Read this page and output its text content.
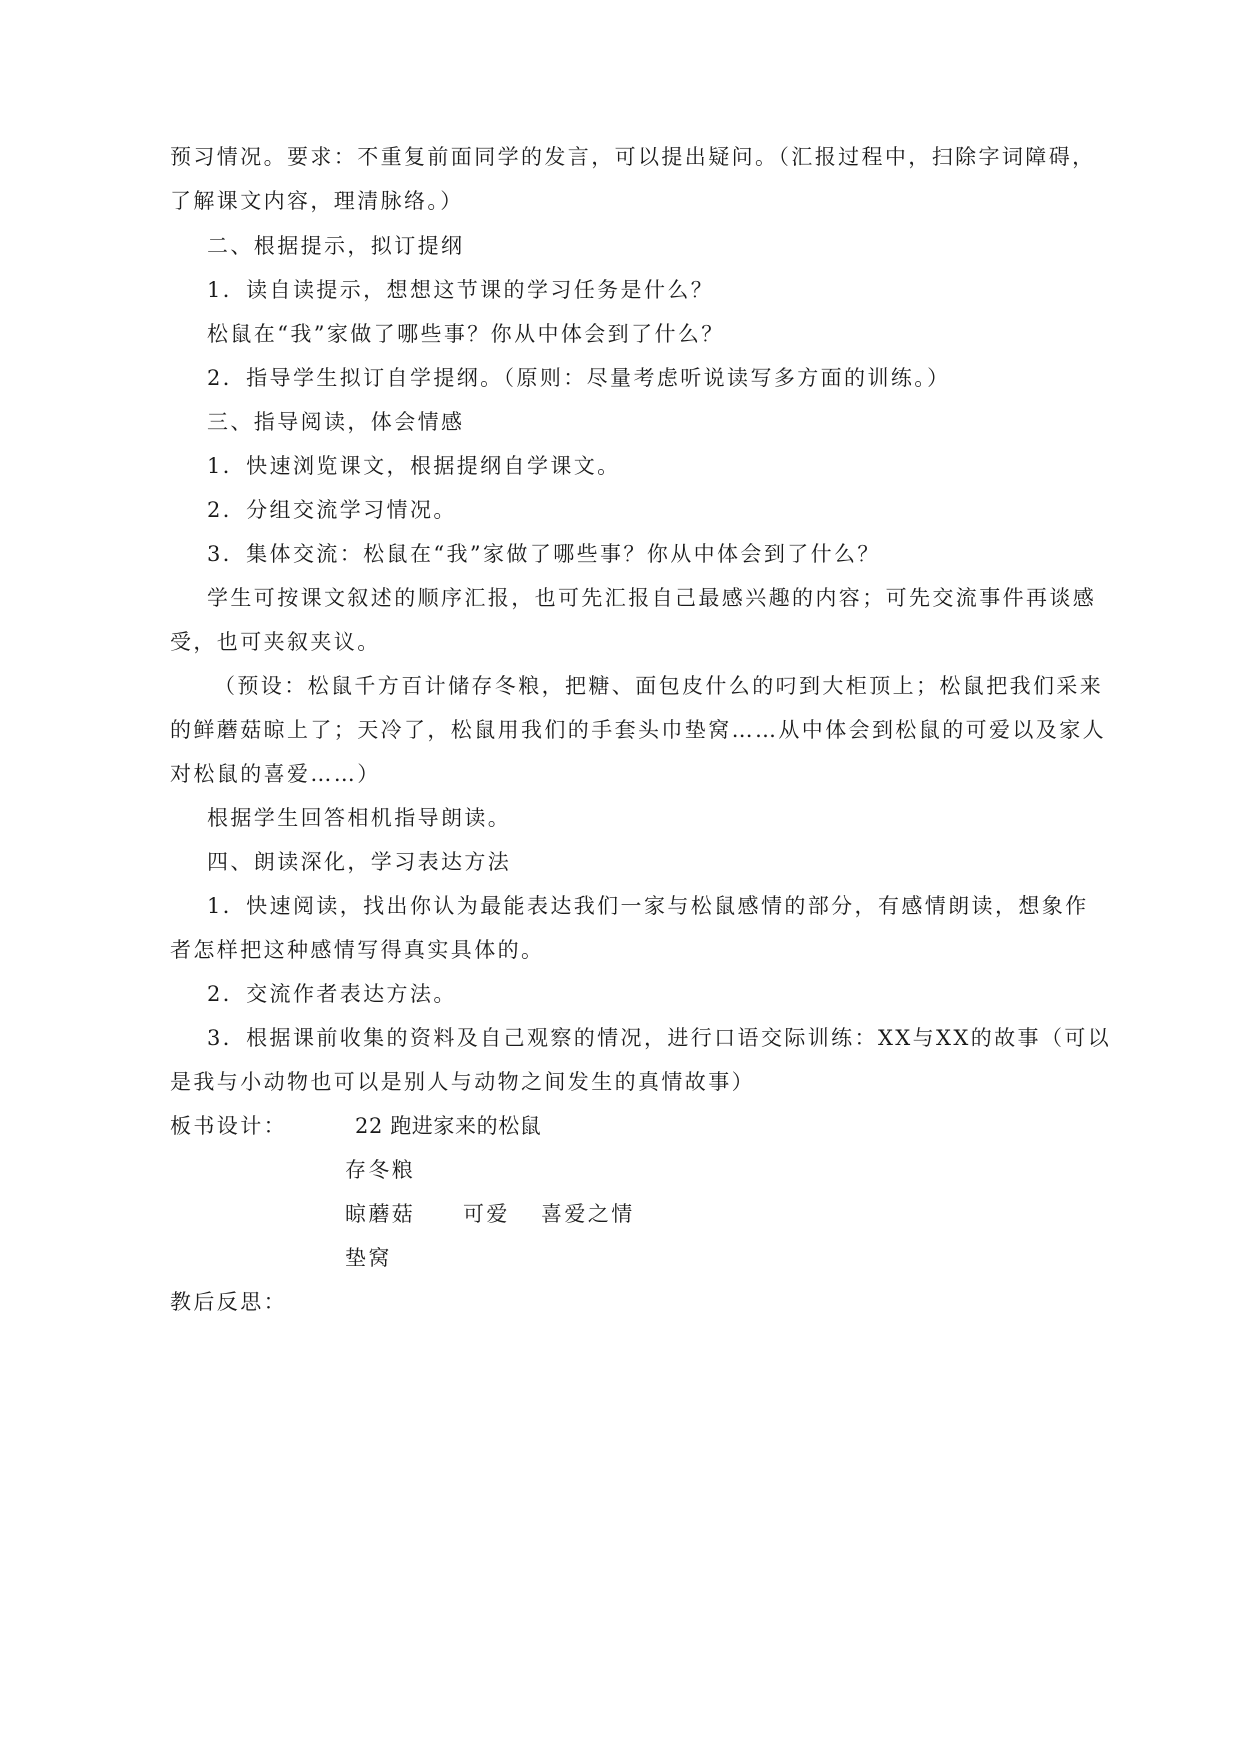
预习情况。要求：不重复前面同学的发言，可以提出疑问。（汇报过程中，扫除字词障碍，
了解课文内容，理清脉络。）
二、根据提示，拟订提纲
1．读自读提示，想想这节课的学习任务是什么？
松鼠在“我”家做了哪些事？你从中体会到了什么？
2．指导学生拟订自学提纲。（原则：尽量考虑听说读写多方面的训练。）
三、指导阅读，体会情感
1．快速浏览课文，根据提纲自学课文。
2．分组交流学习情况。
3．集体交流：松鼠在“我”家做了哪些事？你从中体会到了什么？
学生可按课文叙述的顺序汇报，也可先汇报自己最感兴趣的内容；可先交流事件再谈感
受，也可夹叙夹议。
（预设：松鼠千方百计储存冬粮，把糖、面包皮什么的叼到大柜顶上；松鼠把我们采来
的鲜蘑菇晾上了；天冷了，松鼠用我们的手套头巾垫窝……从中体会到松鼠的可爱以及家人
对松鼠的喜爱……）
根据学生回答相机指导朗读。
四、朗读深化，学习表达方法
1．快速阅读，找出你认为最能表达我们一家与松鼠感情的部分，有感情朗读，想象作
者怎样把这种感情写得真实具体的。
2．交流作者表达方法。
3．根据课前收集的资料及自己观察的情况，进行口语交际训练：XX与XX的故事（可以
是我与小动物也可以是别人与动物之间发生的真情故事）
板书设计：	22 跑进家来的松鼠
存冬粮
晾蘑菇 可爱 喜爱之情
垫窝
教后反思：
